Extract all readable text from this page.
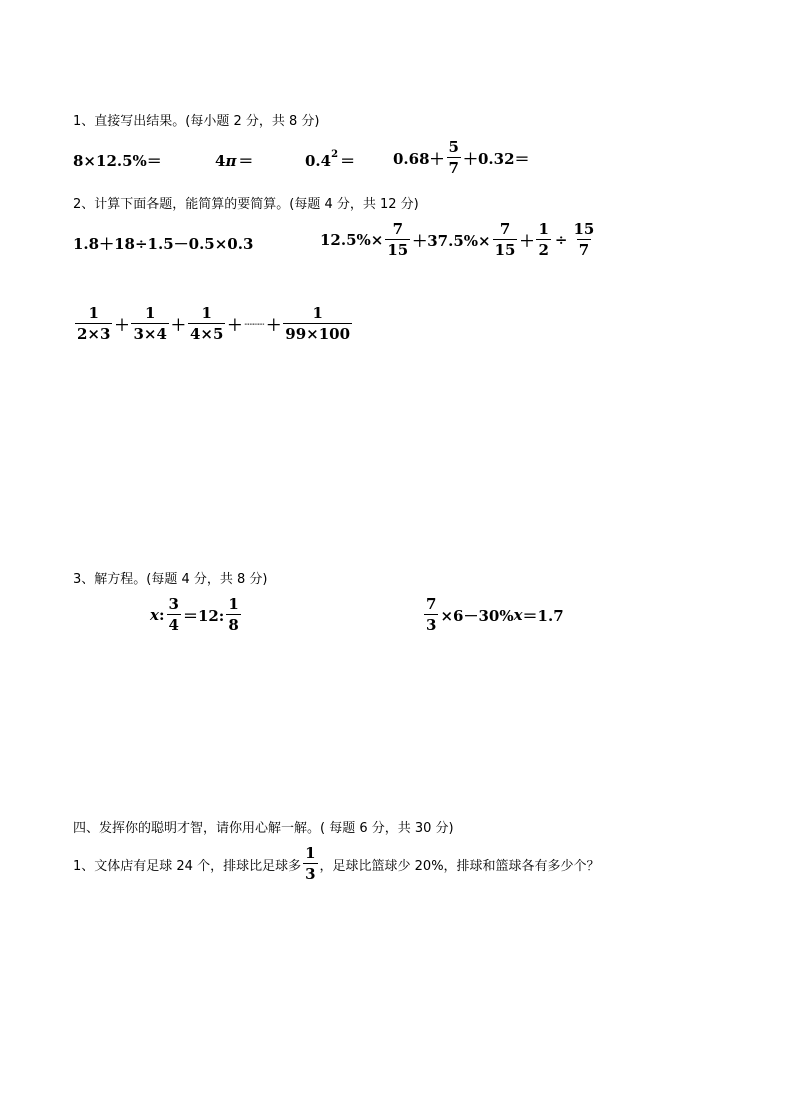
1、直接写出结果。(每小题 2 分，共 8 分)
8×12.5%＝	4 π ＝	$0.4^2$ ＝	$0.68+ \frac{5}{7} +0.32=$
2、计算下面各题，能简算的要简算。(每题 4 分，共 12 分)
1.8＋18÷1.5－0.5×0.3	$12.5\%\times \frac{7}{15} +37.5\%\times \frac{7}{15} + \frac{1}{2} \div \frac{15}{7}$
$\frac{1}{2\times 3} + \frac{1}{3\times 4} + \frac{1}{4\times 5}$ ＋ ┈┈┈ ＋ $\frac{1}{99\times 100}$
3、解方程。(每题 4 分，共 8 分)
x : $\frac{3}{4} =12$: $\frac{1}{8}$	$\frac{7}{3} \times 6-30\%$ x ＝1.7
四、发挥你的聪明才智，请你用心解一解。( 每题 6 分，共 30 分)
1、文体店有足球 24 个，排球比足球多 $\frac{1}{3}$ ，足球比篮球少 20%，排球和篮球各有多少个？
